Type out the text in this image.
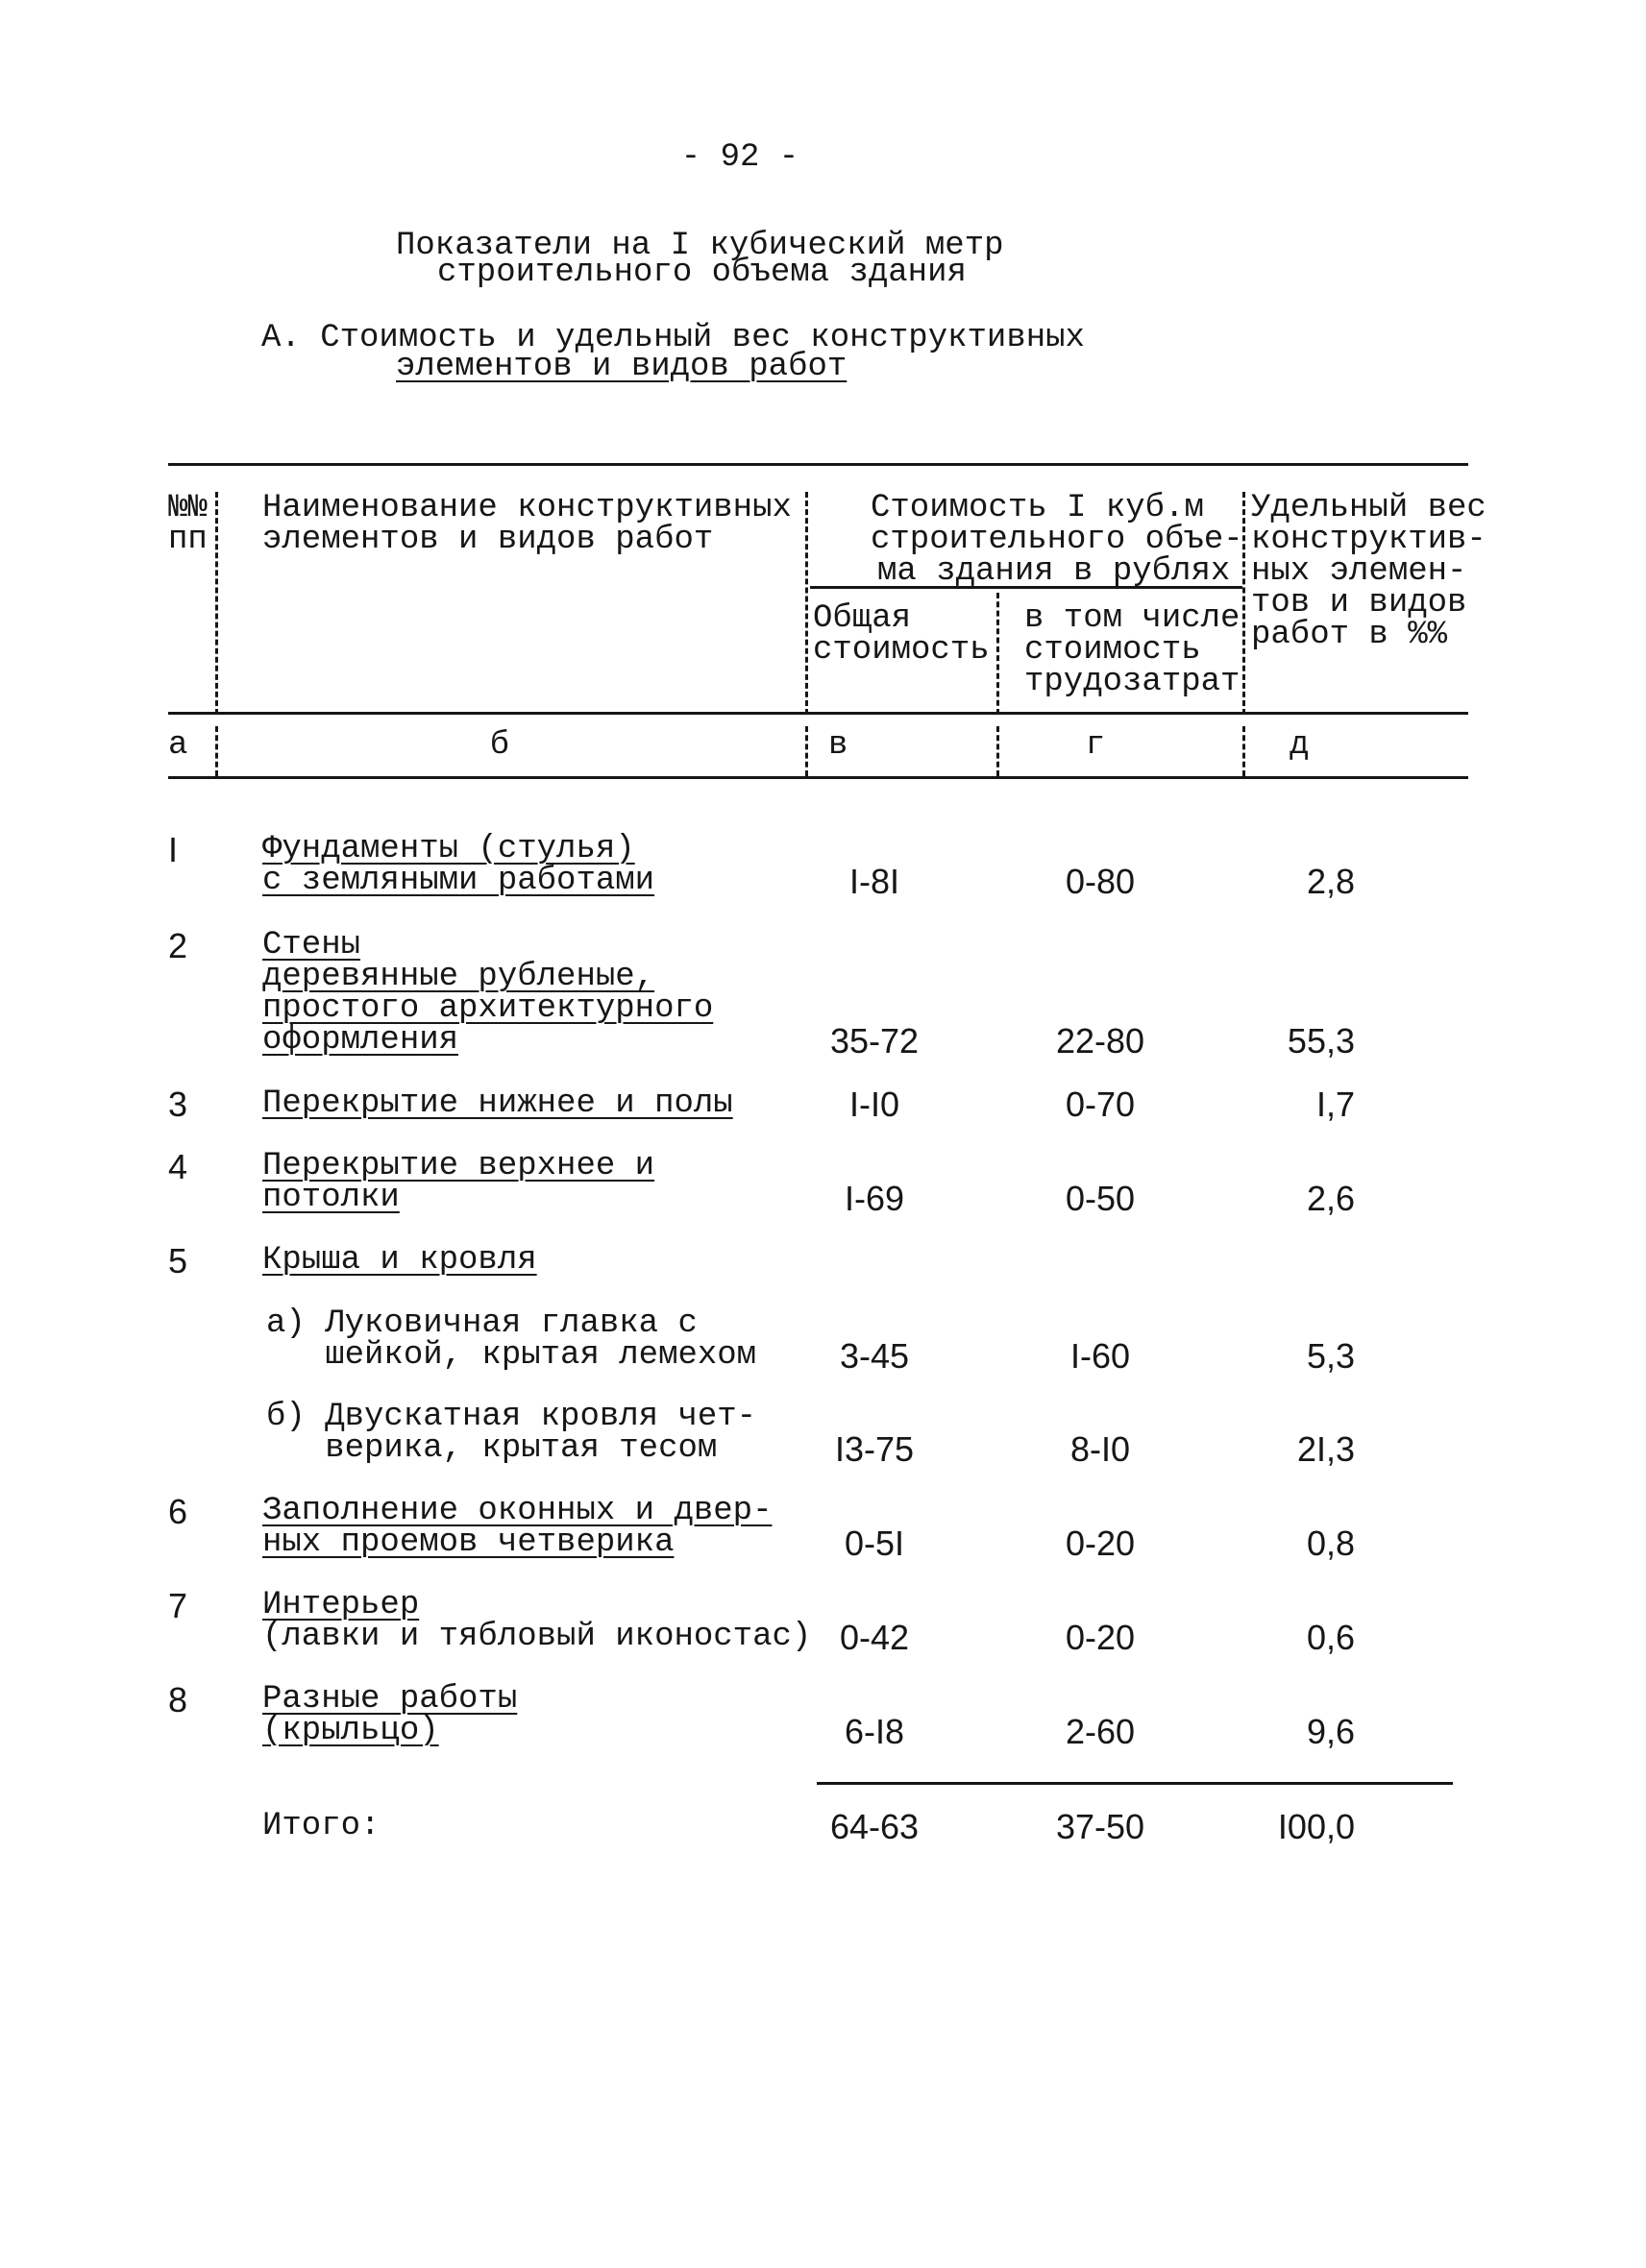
- 92 -
Показатели на I кубический метр
строительного объема здания
А. Стоимость и удельный вес конструктивных
элементов и видов работ
№№
пп
Наименование конструктивных
элементов и видов работ
Стоимость I куб.м
строительного объе-
ма здания в рублях
Общая
стоимость
в том числе
стоимость
трудозатрат
Удельный вес
конструктив-
ных элемен-
тов и видов
работ в %%
а	б	в	г	д
I	Фундаменты (стулья)
с земляными работами	I-8I	0-80	2,8
2 Стены
деревянные рубленые,
простого архитектурного
оформления	35-72	22-80	55,3
3 Перекрытие нижнее и полы	I-I0	0-70	I,7
4 Перекрытие верхнее и
потолки	I-69	0-50	2,6
5 Крыша и кровля
а) Луковичная главка с
шейкой, крытая лемехом	3-45	I-60	5,3
б) Двускатная кровля чет-
верика, крытая тесом	I3-75	8-I0	2I,3
6 Заполнение оконных и двер-
ных проемов четверика	0-5I	0-20	0,8
7 Интерьер
(лавки и тябловый иконостас) 0-42	0-20	0,6
8 Разные работы
(крыльцо)	6-I8	2-60	9,6
Итого:	64-63	37-50	I00,0
